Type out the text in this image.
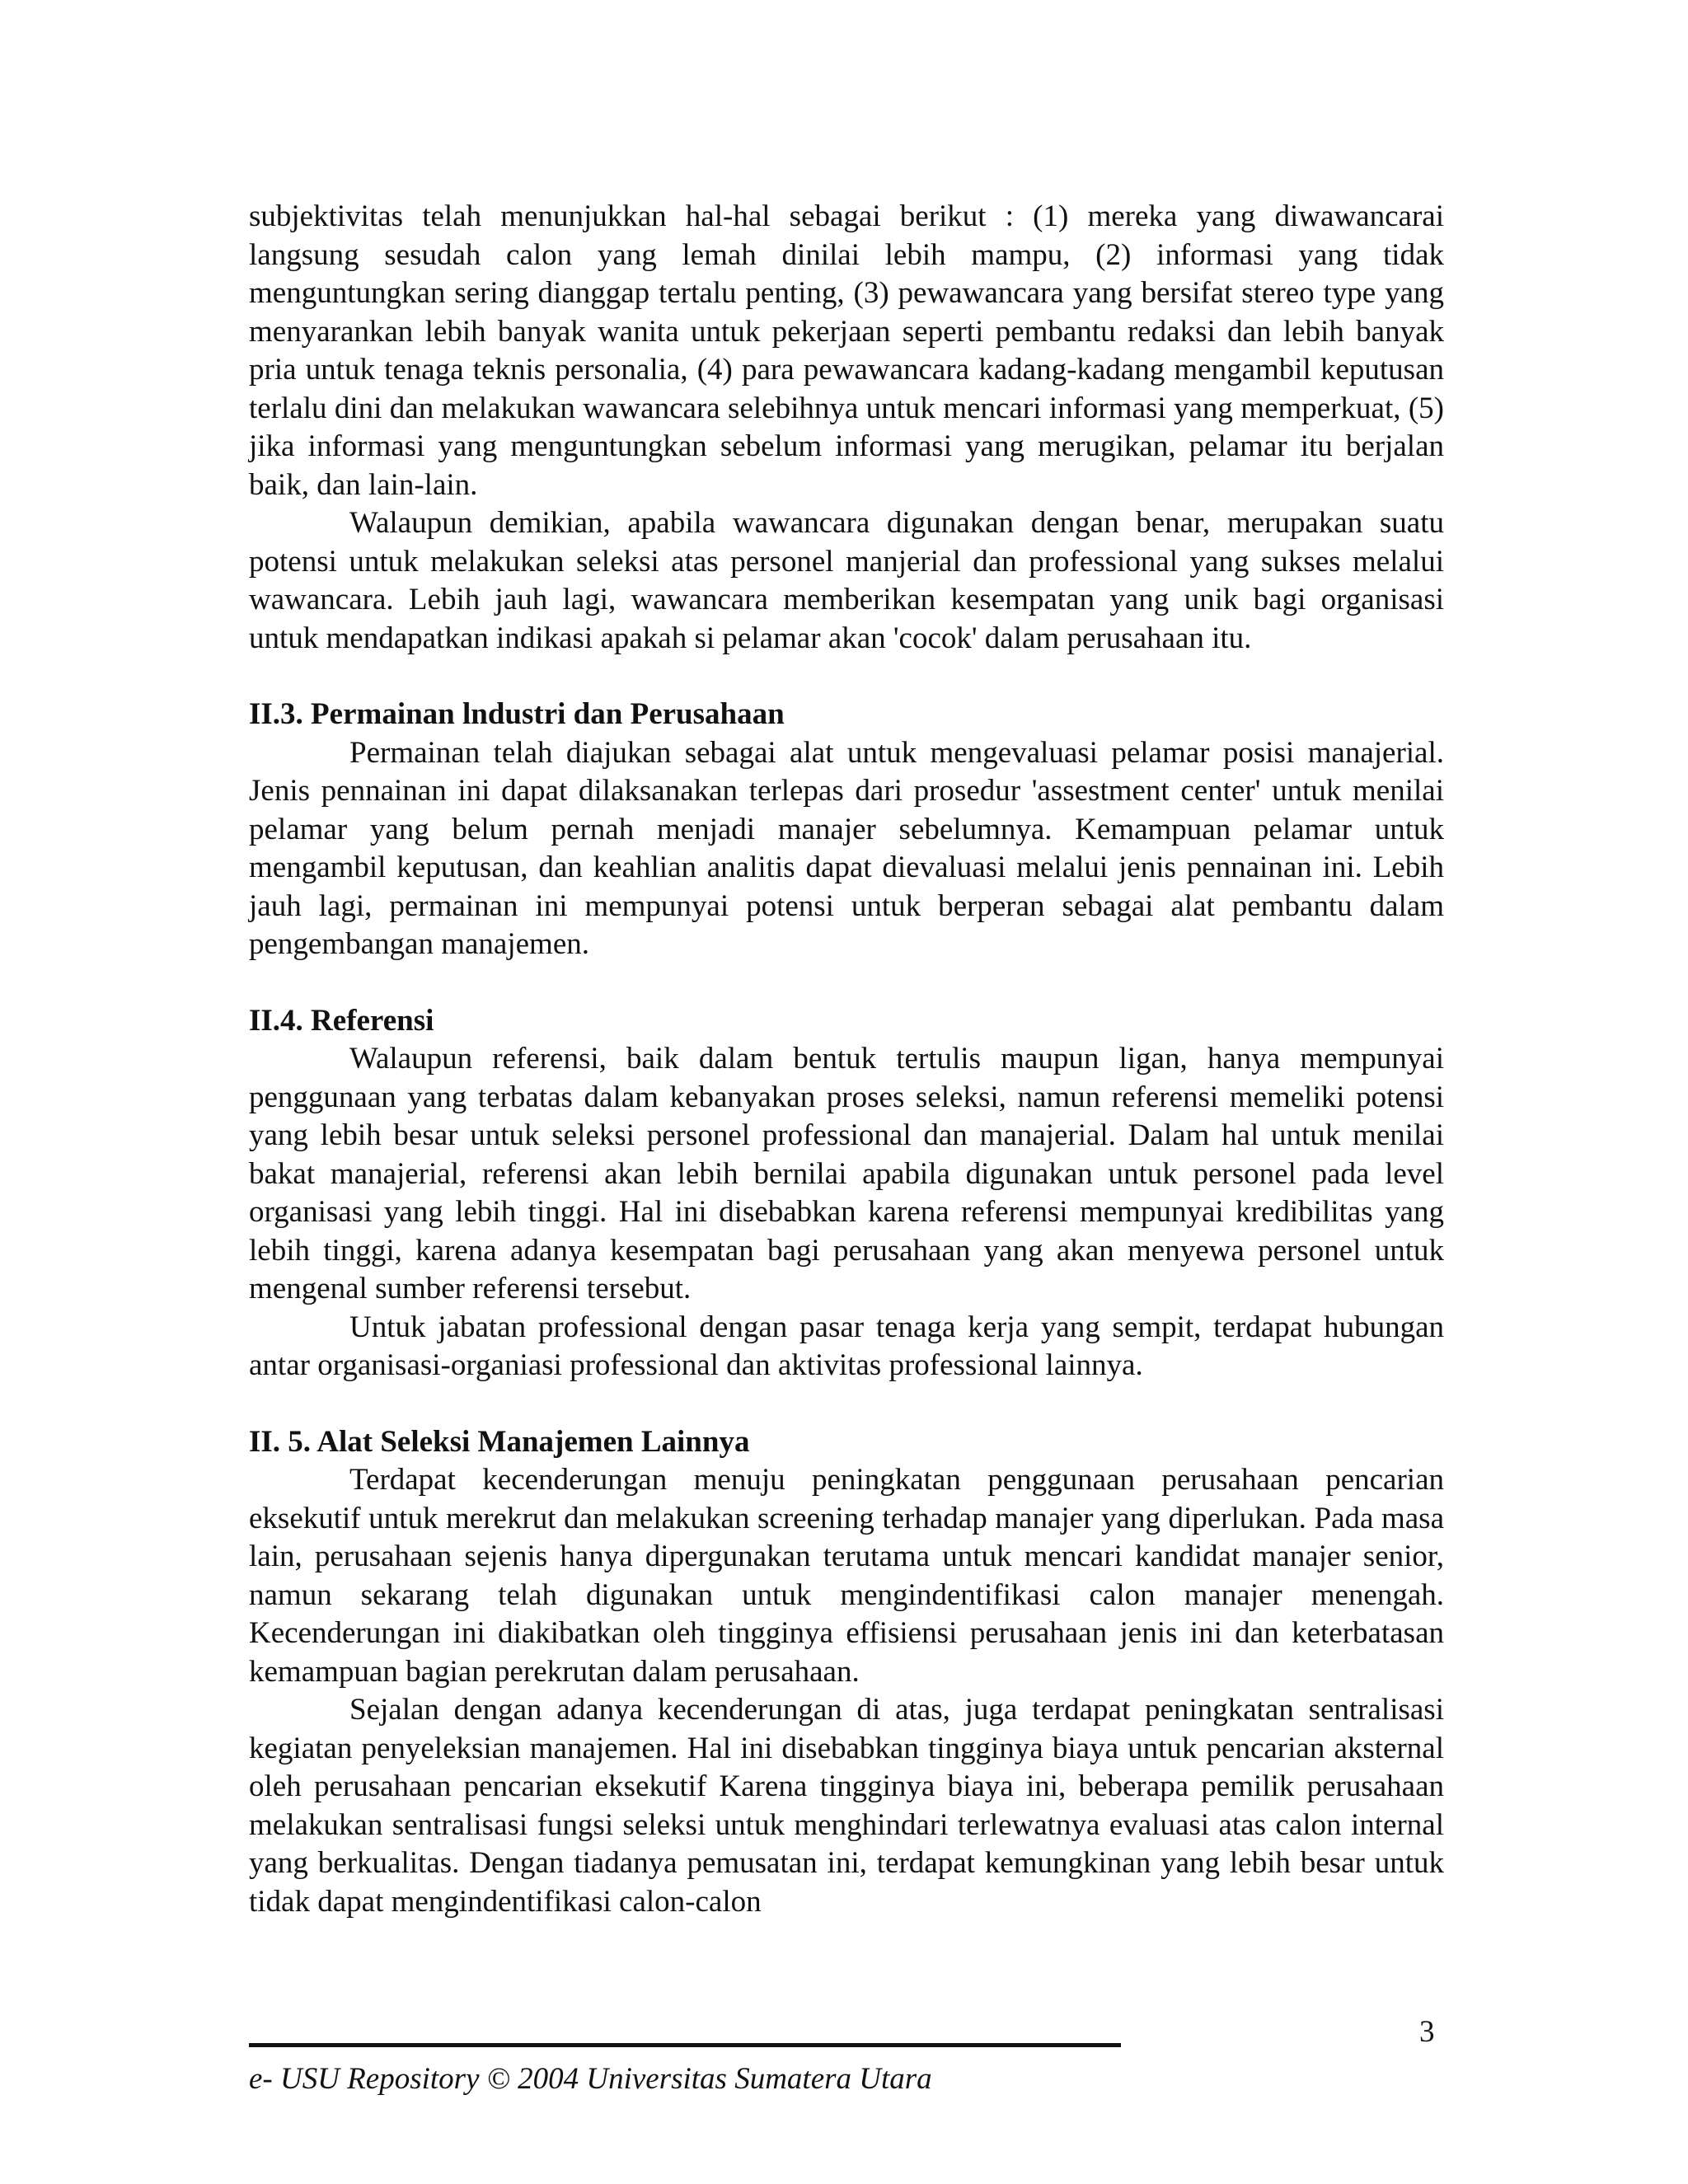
subjektivitas telah menunjukkan hal-hal sebagai berikut : (1) mereka yang diwawancarai langsung sesudah calon yang lemah dinilai lebih mampu, (2) informasi yang tidak menguntungkan sering dianggap tertalu penting, (3) pewawancara yang bersifat stereo type yang menyarankan lebih banyak wanita untuk pekerjaan seperti pembantu redaksi dan lebih banyak pria untuk tenaga teknis personalia, (4) para pewawancara kadang-kadang mengambil keputusan terlalu dini dan melakukan wawancara selebihnya untuk mencari informasi yang memperkuat, (5) jika informasi yang menguntungkan sebelum informasi yang merugikan, pelamar itu berjalan baik, dan lain-lain.

Walaupun demikian, apabila wawancara digunakan dengan benar, merupakan suatu potensi untuk melakukan seleksi atas personel manjerial dan professional yang sukses melalui wawancara. Lebih jauh lagi, wawancara memberikan kesempatan yang unik bagi organisasi untuk mendapatkan indikasi apakah si pelamar akan 'cocok' dalam perusahaan itu.

II.3. Permainan lndustri dan Perusahaan

Permainan telah diajukan sebagai alat untuk mengevaluasi pelamar posisi manajerial. Jenis pennainan ini dapat dilaksanakan terlepas dari prosedur 'assestment center' untuk menilai pelamar yang belum pernah menjadi manajer sebelumnya. Kemampuan pelamar untuk mengambil keputusan, dan keahlian analitis dapat dievaluasi melalui jenis pennainan ini. Lebih jauh lagi, permainan ini mempunyai potensi untuk berperan sebagai alat pembantu dalam pengembangan manajemen.

II.4. Referensi

Walaupun referensi, baik dalam bentuk tertulis maupun ligan, hanya mempunyai penggunaan yang terbatas dalam kebanyakan proses seleksi, namun referensi memeliki potensi yang lebih besar untuk seleksi personel professional dan manajerial. Dalam hal untuk menilai bakat manajerial, referensi akan lebih bernilai apabila digunakan untuk personel pada level organisasi yang lebih tinggi. Hal ini disebabkan karena referensi mempunyai kredibilitas yang lebih tinggi, karena adanya kesempatan bagi perusahaan yang akan menyewa personel untuk mengenal sumber referensi tersebut.

Untuk jabatan professional dengan pasar tenaga kerja yang sempit, terdapat hubungan antar organisasi-organiasi professional dan aktivitas professional lainnya.

II. 5. Alat Seleksi Manajemen Lainnya

Terdapat kecenderungan menuju peningkatan penggunaan perusahaan pencarian eksekutif untuk merekrut dan melakukan screening terhadap manajer yang diperlukan. Pada masa lain, perusahaan sejenis hanya dipergunakan terutama untuk mencari kandidat manajer senior, namun sekarang telah digunakan untuk mengindentifikasi calon manajer menengah. Kecenderungan ini diakibatkan oleh tingginya effisiensi perusahaan jenis ini dan keterbatasan kemampuan bagian perekrutan dalam perusahaan.

Sejalan dengan adanya kecenderungan di atas, juga terdapat peningkatan sentralisasi kegiatan penyeleksian manajemen. Hal ini disebabkan tingginya biaya untuk pencarian aksternal oleh perusahaan pencarian eksekutif Karena tingginya biaya ini, beberapa pemilik perusahaan melakukan sentralisasi fungsi seleksi untuk menghindari terlewatnya evaluasi atas calon internal yang berkualitas. Dengan tiadanya pemusatan ini, terdapat kemungkinan yang lebih besar untuk tidak dapat mengindentifikasi calon-calon

3
e- USU Repository © 2004 Universitas Sumatera Utara
